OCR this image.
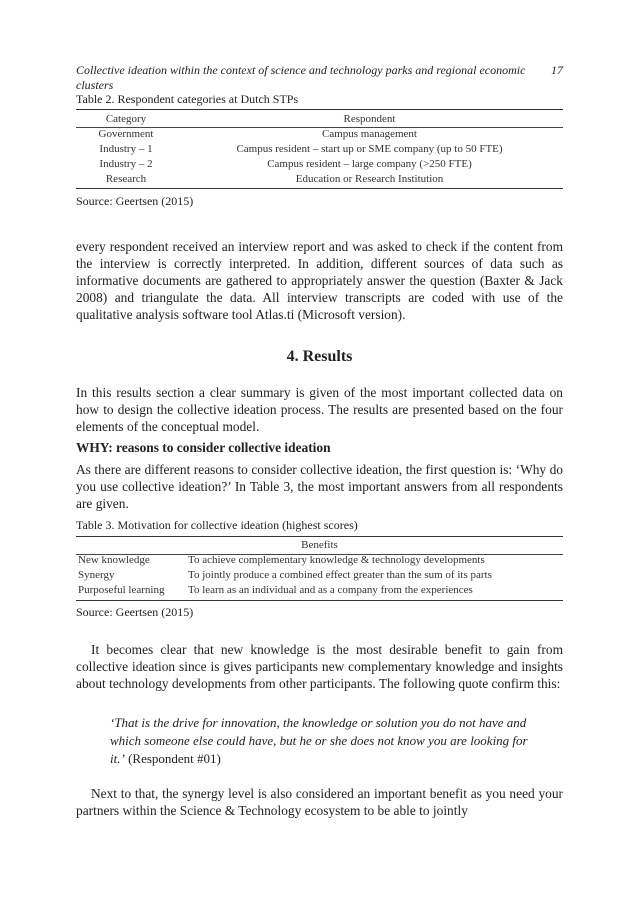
Collective ideation within the context of science and technology parks and regional economic clusters
17
Table 2. Respondent categories at Dutch STPs
Category	Respondent
Government	Campus management
Industry – 1	Campus resident – start up or SME company (up to 50 FTE)
Industry – 2	Campus resident – large company (>250 FTE)
Research	Education or Research Institution
Source: Geertsen (2015)

every respondent received an interview report and was asked to check if the content from the interview is correctly interpreted. In addition, different sources of data such as informative documents are gathered to appropriately answer the question (Baxter & Jack 2008) and triangulate the data. All interview transcripts are coded with use of the qualitative analysis software tool Atlas.ti (Microsoft version).

4. Results

In this results section a clear summary is given of the most important collected data on how to design the collective ideation process. The results are presented based on the four elements of the conceptual model.

WHY: reasons to consider collective ideation

As there are different reasons to consider collective ideation, the first question is: ‘Why do you use collective ideation?’ In Table 3, the most important answers from all respondents are given.

Table 3. Motivation for collective ideation (highest scores)
Benefits	
New knowledge	To achieve complementary knowledge & technology developments
Synergy	To jointly produce a combined effect greater than the sum of its parts
Purposeful learning	To learn as an individual and as a company from the experiences
Source: Geertsen (2015)

It becomes clear that new knowledge is the most desirable benefit to gain from collective ideation since is gives participants new complementary knowledge and insights about technology developments from other participants. The following quote confirm this:

‘That is the drive for innovation, the knowledge or solution you do not have and which someone else could have, but he or she does not know you are looking for it.’ (Respondent #01)

Next to that, the synergy level is also considered an important benefit as you need your partners within the Science & Technology ecosystem to be able to jointly
